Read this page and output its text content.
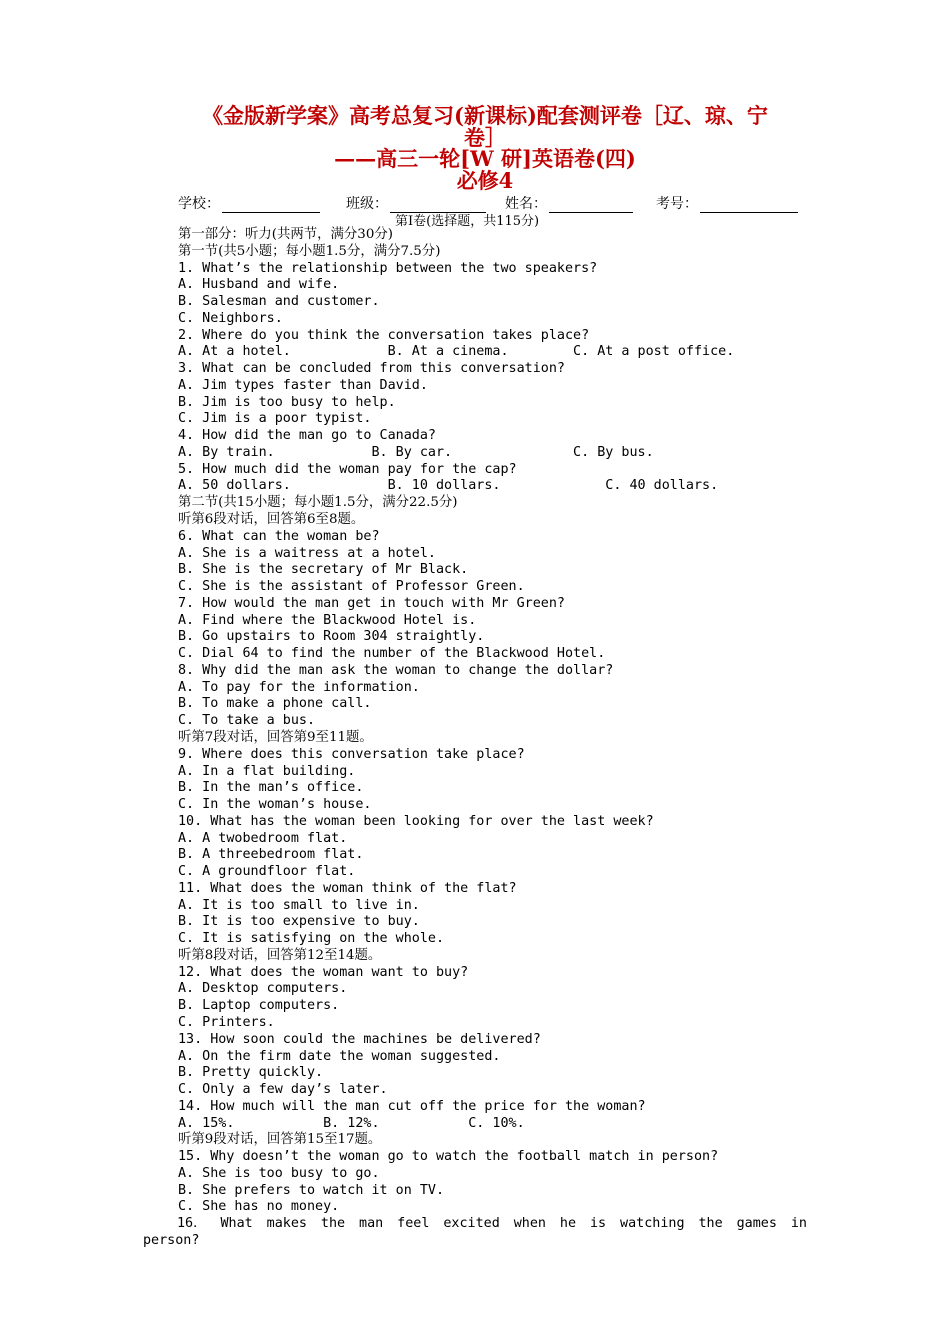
《金版新学案》高考总复习(新课标)配套测评卷［辽、琼、宁
卷］
——高三一轮[W 研]英语卷(四)
必修4
学校：	班级：	姓名：	考号：
第Ⅰ卷(选择题，共115分)
第一部分：听力(共两节，满分30分)
第一节(共5小题；每小题1.5分，满分7.5分)
1. What’s the relationship between the two speakers?
A. Husband and wife.
B. Salesman and customer.
C. Neighbors.
2. Where do you think the conversation takes place?
A. At a hotel.            B. At a cinema.        C. At a post office.
3. What can be concluded from this conversation?
A. Jim types faster than David.
B. Jim is too busy to help.
C. Jim is a poor typist.
4. How did the man go to Canada?
A. By train.            B. By car.               C. By bus.
5. How much did the woman pay for the cap?
A. 50 dollars.            B. 10 dollars.             C. 40 dollars.
第二节(共15小题；每小题1.5分，满分22.5分)
听第6段对话，回答第6至8题。
6. What can the woman be?
A. She is a waitress at a hotel.
B. She is the secretary of Mr Black.
C. She is the assistant of Professor Green.
7. How would the man get in touch with Mr Green?
A. Find where the Blackwood Hotel is.
B. Go upstairs to Room 304 straightly.
C. Dial 64 to find the number of the Blackwood Hotel.
8. Why did the man ask the woman to change the dollar?
A. To pay for the information.
B. To make a phone call.
C. To take a bus.
听第7段对话，回答第9至11题。
9. Where does this conversation take place?
A. In a flat building.
B. In the man’s office.
C. In the woman’s house.
10. What has the woman been looking for over the last week?
A. A twobedroom flat.
B. A threebedroom flat.
C. A groundfloor flat.
11. What does the woman think of the flat?
A. It is too small to live in.
B. It is too expensive to buy.
C. It is satisfying on the whole.
听第8段对话，回答第12至14题。
12. What does the woman want to buy?
A. Desktop computers.
B. Laptop computers.
C. Printers.
13. How soon could the machines be delivered?
A. On the firm date the woman suggested.
B. Pretty quickly.
C. Only a few day’s later.
14. How much will the man cut off the price for the woman?
A. 15%.           B. 12%.           C. 10%.
听第9段对话，回答第15至17题。
15. Why doesn’t the woman go to watch the football match in person?
A. She is too busy to go.
B. She prefers to watch it on TV.
C. She has no money.
16． What makes the man feel excited when he is watching the games in
person?
